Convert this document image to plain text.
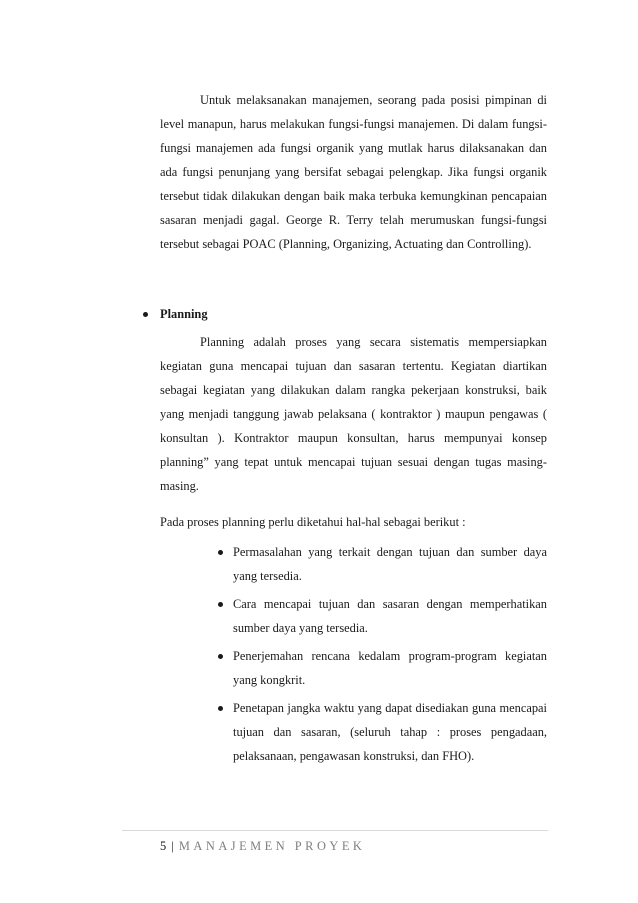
Untuk melaksanakan manajemen, seorang pada posisi pimpinan di level manapun, harus melakukan fungsi-fungsi manajemen. Di dalam fungsi-fungsi manajemen ada fungsi organik yang mutlak harus dilaksanakan dan ada fungsi penunjang yang bersifat sebagai pelengkap. Jika fungsi organik tersebut tidak dilakukan dengan baik maka terbuka kemungkinan pencapaian sasaran menjadi gagal. George R. Terry telah merumuskan fungsi-fungsi tersebut sebagai POAC (Planning, Organizing, Actuating dan Controlling).

Planning

Planning adalah proses yang secara sistematis mempersiapkan kegiatan guna mencapai tujuan dan sasaran tertentu. Kegiatan diartikan sebagai kegiatan yang dilakukan dalam rangka pekerjaan konstruksi, baik yang menjadi tanggung jawab pelaksana ( kontraktor ) maupun pengawas ( konsultan ). Kontraktor maupun konsultan, harus mempunyai konsep planning” yang tepat untuk mencapai tujuan sesuai dengan tugas masing-masing.

Pada proses planning perlu diketahui hal-hal sebagai berikut :

Permasalahan yang terkait dengan tujuan dan sumber daya yang tersedia.

Cara mencapai tujuan dan sasaran dengan memperhatikan sumber daya yang tersedia.

Penerjemahan rencana kedalam program-program kegiatan yang kongkrit.

Penetapan jangka waktu yang dapat disediakan guna mencapai tujuan dan sasaran, (seluruh tahap : proses pengadaan, pelaksanaan, pengawasan konstruksi, dan FHO).

5 | MANAJEMEN PROYEK
